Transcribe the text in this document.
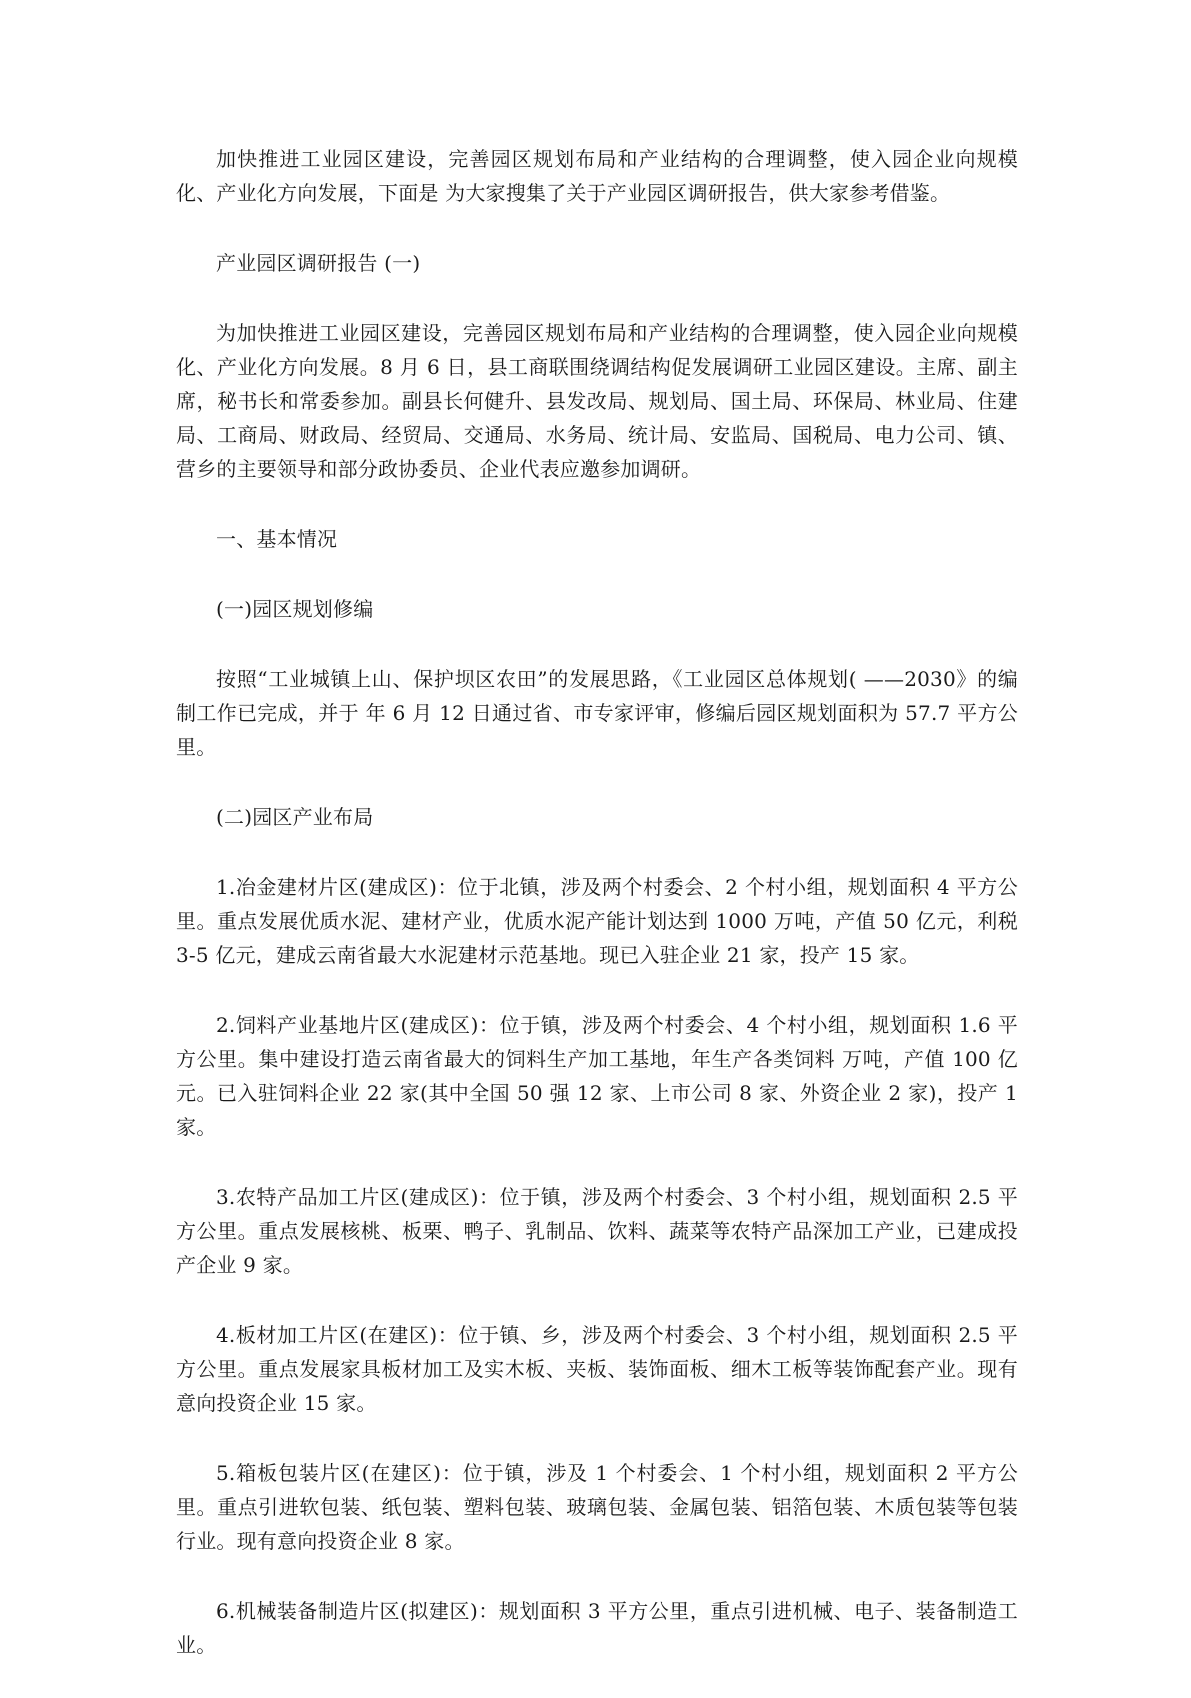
加快推进工业园区建设，完善园区规划布局和产业结构的合理调整，使入园企业向规模化、产业化方向发展，下面是 为大家搜集了关于产业园区调研报告，供大家参考借鉴。

产业园区调研报告 (一)

为加快推进工业园区建设，完善园区规划布局和产业结构的合理调整，使入园企业向规模化、产业化方向发展。8 月 6 日，县工商联围绕调结构促发展调研工业园区建设。主席、副主席，秘书长和常委参加。副县长何健升、县发改局、规划局、国土局、环保局、林业局、住建局、工商局、财政局、经贸局、交通局、水务局、统计局、安监局、国税局、电力公司、镇、营乡的主要领导和部分政协委员、企业代表应邀参加调研。

一、基本情况

(一)园区规划修编

按照“工业城镇上山、保护坝区农田”的发展思路，《工业园区总体规划( ——2030》的编制工作已完成，并于 年 6 月 12 日通过省、市专家评审，修编后园区规划面积为 57.7 平方公里。

(二)园区产业布局

1.冶金建材片区(建成区)：位于北镇，涉及两个村委会、2 个村小组，规划面积 4 平方公里。重点发展优质水泥、建材产业，优质水泥产能计划达到 1000 万吨，产值 50 亿元，利税 3-5 亿元，建成云南省最大水泥建材示范基地。现已入驻企业 21 家，投产 15 家。

2.饲料产业基地片区(建成区)：位于镇，涉及两个村委会、4 个村小组，规划面积 1.6 平方公里。集中建设打造云南省最大的饲料生产加工基地，年生产各类饲料 万吨，产值 100 亿元。已入驻饲料企业 22 家(其中全国 50 强 12 家、上市公司 8 家、外资企业 2 家)，投产 1 家。

3.农特产品加工片区(建成区)：位于镇，涉及两个村委会、3 个村小组，规划面积 2.5 平方公里。重点发展核桃、板栗、鸭子、乳制品、饮料、蔬菜等农特产品深加工产业，已建成投产企业 9 家。

4.板材加工片区(在建区)：位于镇、乡，涉及两个村委会、3 个村小组，规划面积 2.5 平方公里。重点发展家具板材加工及实木板、夹板、装饰面板、细木工板等装饰配套产业。现有意向投资企业 15 家。

5.箱板包装片区(在建区)：位于镇，涉及 1 个村委会、1 个村小组，规划面积 2 平方公里。重点引进软包装、纸包装、塑料包装、玻璃包装、金属包装、铝箔包装、木质包装等包装行业。现有意向投资企业 8 家。

6.机械装备制造片区(拟建区)：规划面积 3 平方公里，重点引进机械、电子、装备制造工业。
